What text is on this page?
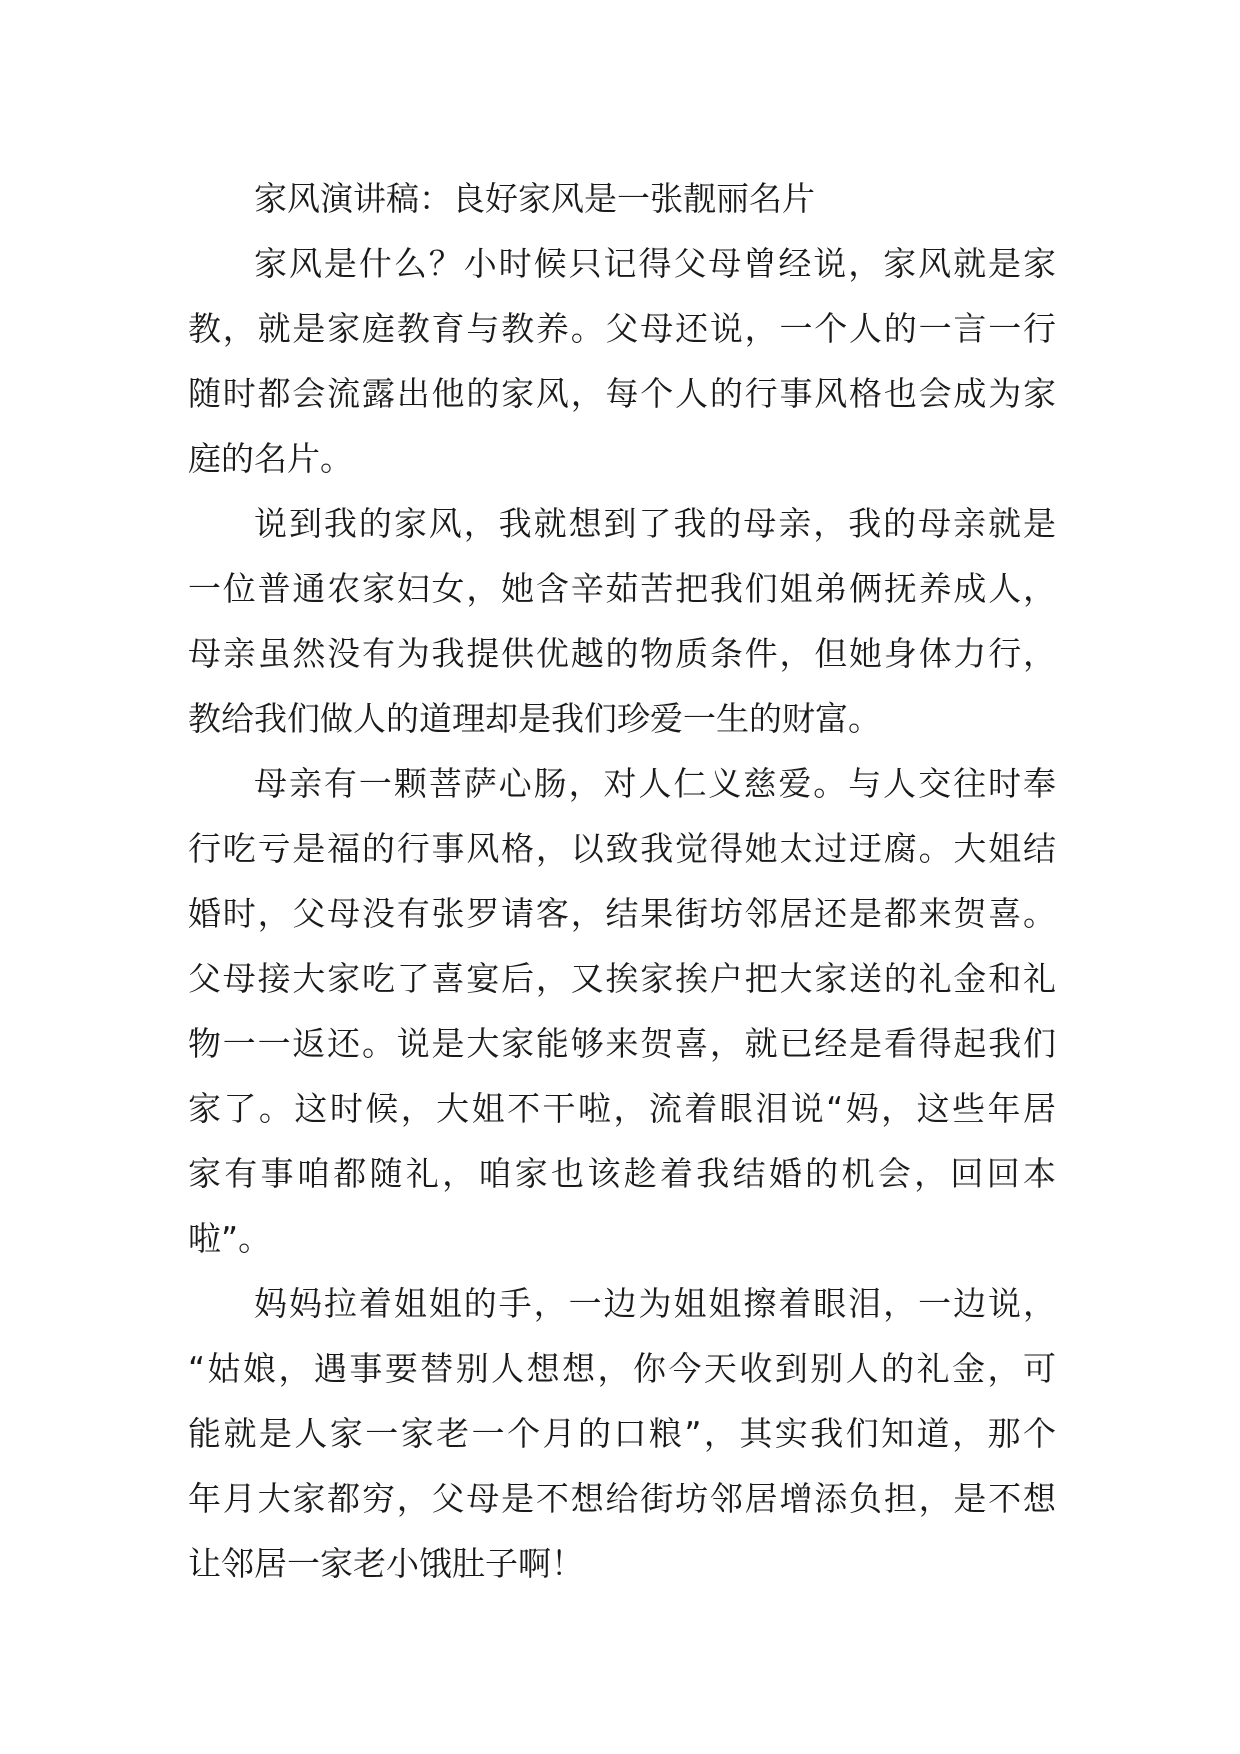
家风演讲稿：良好家风是一张靓丽名片
家风是什么？小时候只记得父母曾经说，家风就是家
教，就是家庭教育与教养。父母还说，一个人的一言一行
随时都会流露出他的家风，每个人的行事风格也会成为家
庭的名片。
说到我的家风，我就想到了我的母亲，我的母亲就是
一位普通农家妇女，她含辛茹苦把我们姐弟俩抚养成人，
母亲虽然没有为我提供优越的物质条件，但她身体力行，
教给我们做人的道理却是我们珍爱一生的财富。
母亲有一颗菩萨心肠，对人仁义慈爱。与人交往时奉
行吃亏是福的行事风格，以致我觉得她太过迂腐。大姐结
婚时，父母没有张罗请客，结果街坊邻居还是都来贺喜。
父母接大家吃了喜宴后，又挨家挨户把大家送的礼金和礼
物一一返还。说是大家能够来贺喜，就已经是看得起我们
家了。这时候，大姐不干啦，流着眼泪说“妈，这些年居
家有事咱都随礼，咱家也该趁着我结婚的机会，回回本
啦”。
妈妈拉着姐姐的手，一边为姐姐擦着眼泪，一边说，
“姑娘，遇事要替别人想想，你今天收到别人的礼金，可
能就是人家一家老一个月的口粮”，其实我们知道，那个
年月大家都穷，父母是不想给街坊邻居增添负担，是不想
让邻居一家老小饿肚子啊！
